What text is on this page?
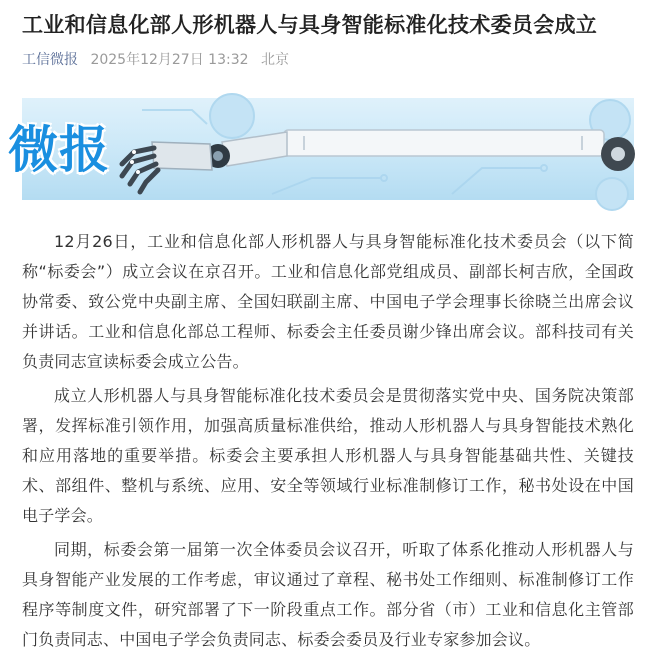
工业和信息化部人形机器人与具身智能标准化技术委员会成立
工信微报 2025年12月27日 13:32 北京
微报

12月26日，工业和信息化部人形机器人与具身智能标准化技术委员会（以下简称“标委会”）成立会议在京召开。工业和信息化部党组成员、副部长柯吉欣，全国政协常委、致公党中央副主席、全国妇联副主席、中国电子学会理事长徐晓兰出席会议并讲话。工业和信息化部总工程师、标委会主任委员谢少锋出席会议。部科技司有关负责同志宣读标委会成立公告。

成立人形机器人与具身智能标准化技术委员会是贯彻落实党中央、国务院决策部署，发挥标准引领作用，加强高质量标准供给，推动人形机器人与具身智能技术熟化和应用落地的重要举措。标委会主要承担人形机器人与具身智能基础共性、关键技术、部组件、整机与系统、应用、安全等领域行业标准制修订工作，秘书处设在中国电子学会。

同期，标委会第一届第一次全体委员会议召开，听取了体系化推动人形机器人与具身智能产业发展的工作考虑，审议通过了章程、秘书处工作细则、标准制修订工作程序等制度文件，研究部署了下一阶段重点工作。部分省（市）工业和信息化主管部门负责同志、中国电子学会负责同志、标委会委员及行业专家参加会议。
